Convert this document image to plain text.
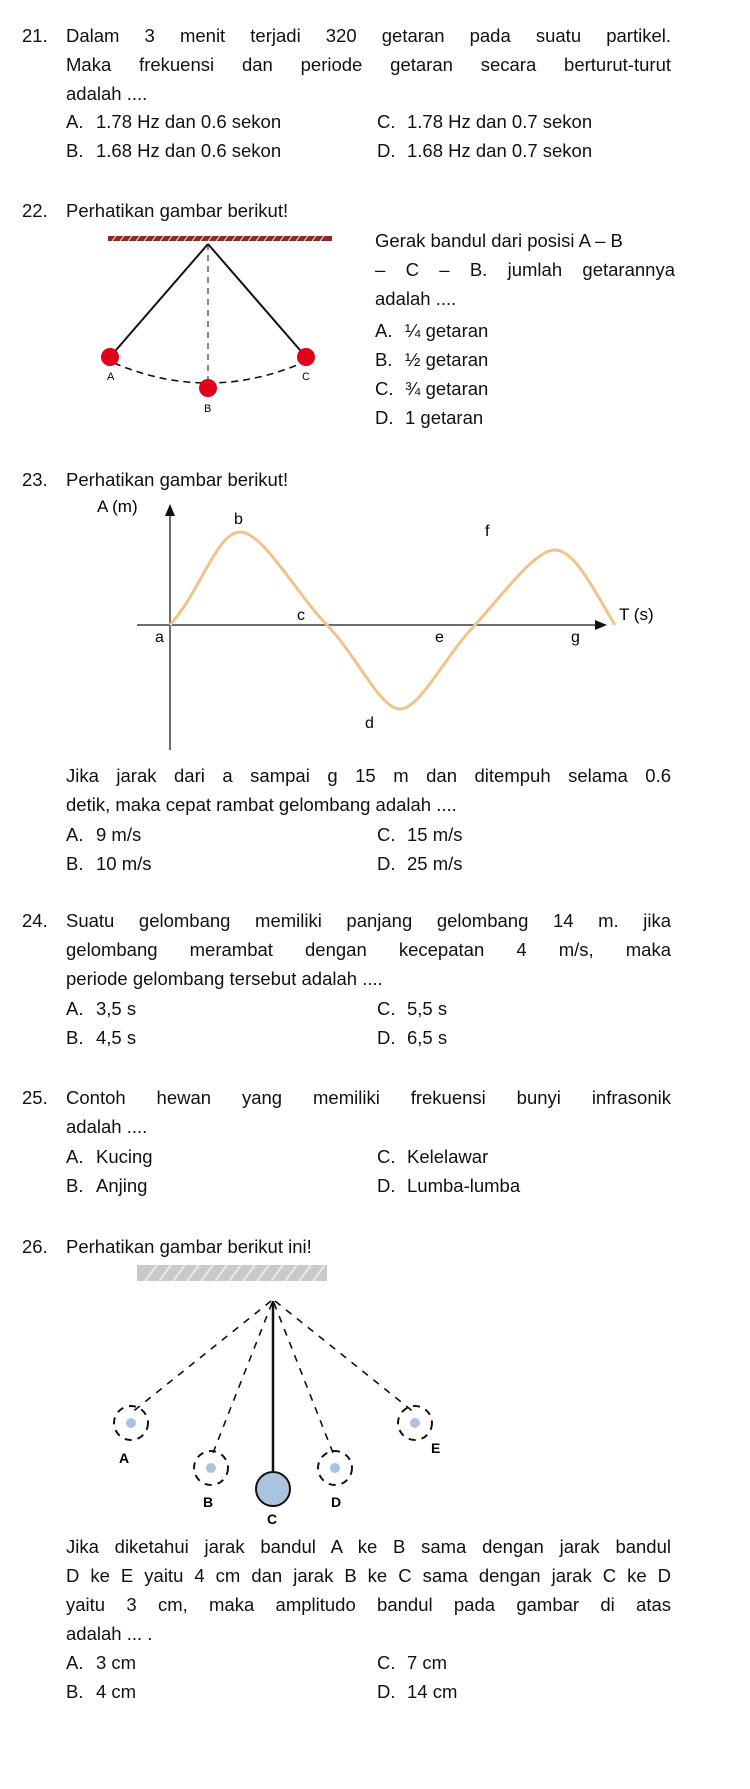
21. Dalam 3 menit terjadi 320 getaran pada suatu partikel.
Maka frekuensi dan periode getaran secara berturut-turut
adalah ....
A. 1.78 Hz dan 0.6 sekon	C. 1.78 Hz dan 0.7 sekon
B. 1.68 Hz dan 0.6 sekon	D. 1.68 Hz dan 0.7 sekon
22. Perhatikan gambar berikut!
A	C
B
Gerak bandul dari posisi A – B
– C – B. jumlah getarannya
adalah ....
A. ¼ getaran
B. ½ getaran
C. ¾ getaran
D. 1 getaran
23. Perhatikan gambar berikut!
A (m)
T (s)
a
b
c
d
e
f
g
Jika jarak dari a sampai g 15 m dan ditempuh selama 0.6
detik, maka cepat rambat gelombang adalah ....
A. 9 m/s	C. 15 m/s
B. 10 m/s	D. 25 m/s
24. Suatu gelombang memiliki panjang gelombang 14 m. jika
gelombang merambat dengan kecepatan 4 m/s, maka
periode gelombang tersebut adalah ....
A. 3,5 s	C. 5,5 s
B. 4,5 s	D. 6,5 s
25. Contoh hewan yang memiliki frekuensi bunyi infrasonik
adalah ....
A. Kucing	C. Kelelawar
B. Anjing	D. Lumba-lumba
26. Perhatikan gambar berikut ini!
A
B
C
D
E
Jika diketahui jarak bandul A ke B sama dengan jarak bandul
D ke E yaitu 4 cm dan jarak B ke C sama dengan jarak C ke D
yaitu 3 cm, maka amplitudo bandul pada gambar di atas
adalah ... .
A. 3 cm	C. 7 cm
B. 4 cm	D. 14 cm
